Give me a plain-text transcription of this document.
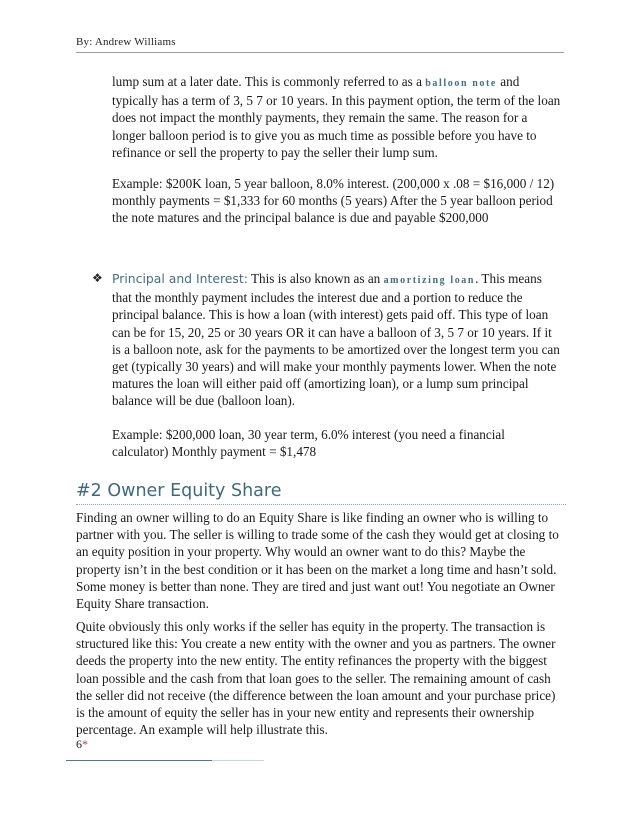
By: Andrew Williams
lump sum at a later date. This is commonly referred to as a balloon note and typically has a term of 3, 5 7 or 10 years. In this payment option, the term of the loan does not impact the monthly payments, they remain the same. The reason for a longer balloon period is to give you as much time as possible before you have to refinance or sell the property to pay the seller their lump sum.
Example: $200K loan, 5 year balloon, 8.0% interest. (200,000 x .08 = $16,000 / 12) monthly payments = $1,333 for 60 months (5 years) After the 5 year balloon period the note matures and the principal balance is due and payable $200,000
❖ Principal and Interest: This is also known as an amortizing loan. This means that the monthly payment includes the interest due and a portion to reduce the principal balance. This is how a loan (with interest) gets paid off. This type of loan can be for 15, 20, 25 or 30 years OR it can have a balloon of 3, 5 7 or 10 years. If it is a balloon note, ask for the payments to be amortized over the longest term you can get (typically 30 years) and will make your monthly payments lower. When the note matures the loan will either paid off (amortizing loan), or a lump sum principal balance will be due (balloon loan).

Example: $200,000 loan, 30 year term, 6.0% interest (you need a financial calculator) Monthly payment = $1,478

#2 Owner Equity Share
Finding an owner willing to do an Equity Share is like finding an owner who is willing to partner with you. The seller is willing to trade some of the cash they would get at closing to an equity position in your property. Why would an owner want to do this? Maybe the property isn’t in the best condition or it has been on the market a long time and hasn’t sold. Some money is better than none. They are tired and just want out! You negotiate an Owner Equity Share transaction.
Quite obviously this only works if the seller has equity in the property. The transaction is structured like this: You create a new entity with the owner and you as partners. The owner deeds the property into the new entity. The entity refinances the property with the biggest loan possible and the cash from that loan goes to the seller. The remaining amount of cash the seller did not receive (the difference between the loan amount and your purchase price) is the amount of equity the seller has in your new entity and represents their ownership percentage. An example will help illustrate this.
6*
